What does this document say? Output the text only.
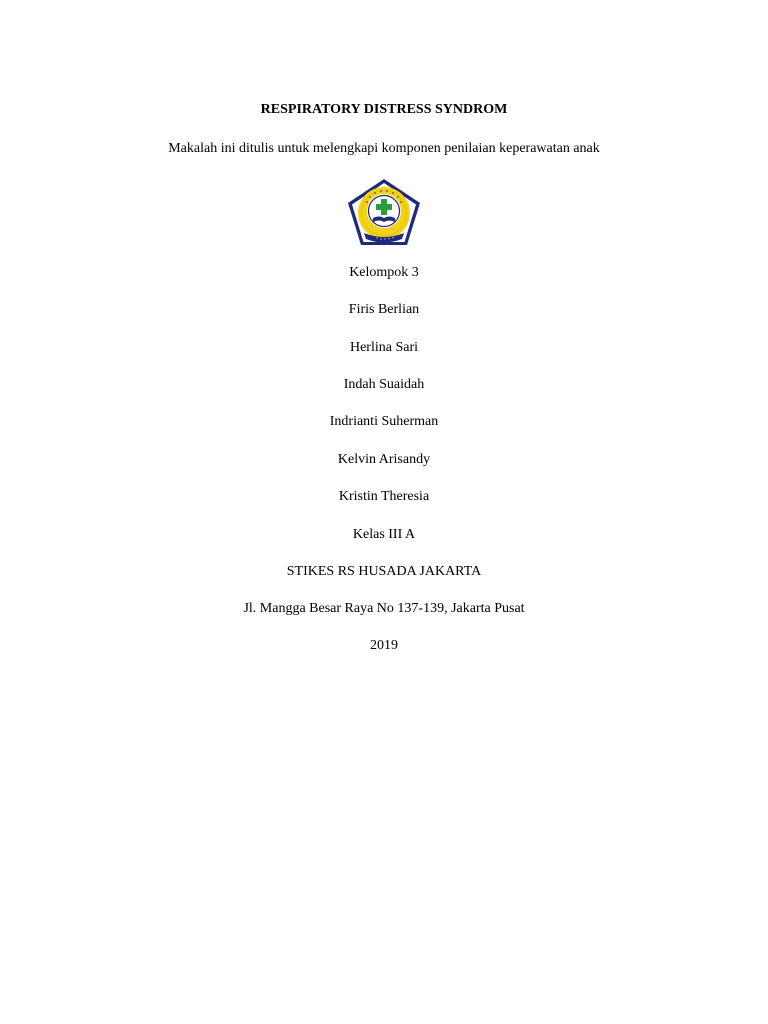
RESPIRATORY DISTRESS SYNDROM
Makalah ini ditulis untuk melengkapi komponen penilaian keperawatan anak
Kelompok 3
Firis Berlian
Herlina Sari
Indah Suaidah
Indrianti Suherman
Kelvin Arisandy
Kristin Theresia
Kelas III A
STIKES RS HUSADA JAKARTA
Jl. Mangga Besar Raya No 137-139, Jakarta Pusat
2019
